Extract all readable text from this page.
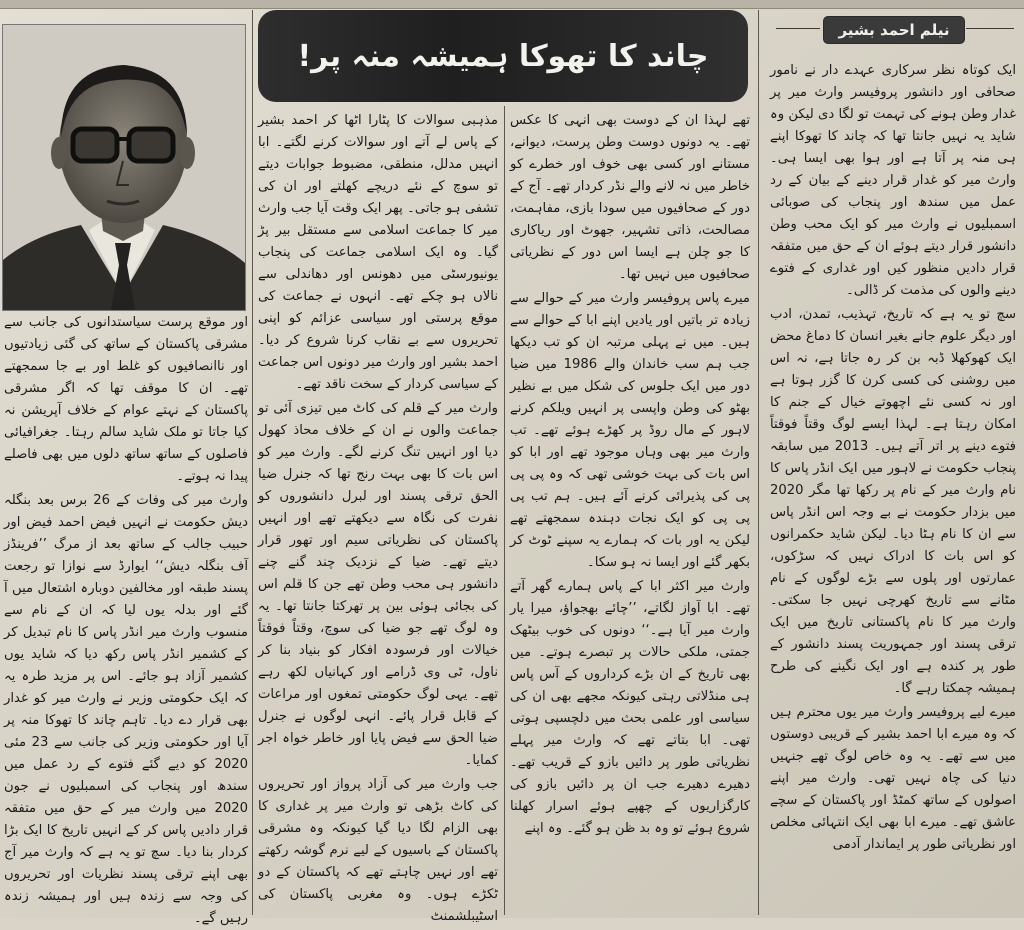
چاند کا تھوکا ہمیشہ منہ پر!
نیلم احمد بشیر

ایک کوتاہ نظر سرکاری عہدے دار نے نامور صحافی اور دانشور پروفیسر وارث میر پر غدار وطن ہونے کی تہمت تو لگا دی لیکن وہ شاید یہ نہیں جانتا تھا کہ چاند کا تھوکا اپنے ہی منہ پر آتا ہے اور ہوا بھی ایسا ہی۔ وارث میر کو غدار قرار دینے کے بیان کے رد عمل میں سندھ اور پنجاب کی صوبائی اسمبلیوں نے وارث میر کو ایک محب وطن دانشور قرار دیتے ہوئے ان کے حق میں متفقہ قرار دادیں منظور کیں اور غداری کے فتوے دینے والوں کی مذمت کر ڈالی۔

سچ تو یہ ہے کہ تاریخ، تہذیب، تمدن، ادب اور دیگر علوم جانے بغیر انسان کا دماغ محض ایک کھوکھلا ڈبہ بن کر رہ جاتا ہے، نہ اس میں روشنی کی کسی کرن کا گزر ہوتا ہے اور نہ کسی نئے اچھوتے خیال کے جنم کا امکان رہتا ہے۔ لہذا ایسے لوگ وقتاً فوقتاً فتوے دینے پر اتر آتے ہیں۔ 2013 میں سابقہ پنجاب حکومت نے لاہور میں ایک انڈر پاس کا نام وارث میر کے نام پر رکھا تھا مگر 2020 میں بزدار حکومت نے بے وجہ اس انڈر پاس سے ان کا نام ہٹا دیا۔ لیکن شاید حکمرانوں کو اس بات کا ادراک نہیں کہ سڑکوں، عمارتوں اور پلوں سے بڑے لوگوں کے نام مٹانے سے تاریخ کھرچی نہیں جا سکتی۔ وارث میر کا نام پاکستانی تاریخ میں ایک ترقی پسند اور جمہوریت پسند دانشور کے طور پر کندہ ہے اور ایک نگینے کی طرح ہمیشہ چمکتا رہے گا۔

میرے لیے پروفیسر وارث میر یوں محترم ہیں کہ وہ میرے ابا احمد بشیر کے قریبی دوستوں میں سے تھے۔ یہ وہ خاص لوگ تھے جنہیں دنیا کی چاہ نہیں تھی۔ وارث میر اپنے اصولوں کے ساتھ کمٹڈ اور پاکستان کے سچے عاشق تھے۔ میرے ابا بھی ایک انتہائی مخلص اور نظریاتی طور پر ایماندار آدمی

تھے لہذا ان کے دوست بھی انہی کا عکس تھے۔ یہ دونوں دوست وطن پرست، دیوانے، مستانے اور کسی بھی خوف اور خطرے کو خاطر میں نہ لانے والے نڈر کردار تھے۔ آج کے دور کے صحافیوں میں سودا بازی، مفاہمت، مصالحت، ذاتی تشہیر، جھوٹ اور ریاکاری کا جو چلن ہے ایسا اس دور کے نظریاتی صحافیوں میں نہیں تھا۔

میرے پاس پروفیسر وارث میر کے حوالے سے زیادہ تر باتیں اور یادیں اپنے ابا کے حوالے سے ہیں۔ میں نے پہلی مرتبہ ان کو تب دیکھا جب ہم سب خاندان والے 1986 میں ضیا دور میں ایک جلوس کی شکل میں بے نظیر بھٹو کی وطن واپسی پر انہیں ویلکم کرنے لاہور کے مال روڈ پر کھڑے ہوئے تھے۔ تب وارث میر بھی وہاں موجود تھے اور ابا کو اس بات کی بہت خوشی تھی کہ وہ پی پی پی کی پذیرائی کرنے آئے ہیں۔ ہم تب پی پی پی کو ایک نجات دہندہ سمجھتے تھے لیکن یہ اور بات کہ ہمارے یہ سپنے ٹوٹ کر بکھر گئے اور ایسا نہ ہو سکا۔

وارث میر اکثر ابا کے پاس ہمارے گھر آتے تھے۔ ابا آواز لگاتے، ’’چائے بھجواؤ، میرا یار وارث میر آیا ہے۔‘‘ دونوں کی خوب بیٹھک جمتی، ملکی حالات پر تبصرے ہوتے۔ میں بھی تاریخ کے ان بڑے کرداروں کے آس پاس ہی منڈلاتی رہتی کیونکہ مجھے بھی ان کی سیاسی اور علمی بحث میں دلچسپی ہوتی تھی۔ ابا بتاتے تھے کہ وارث میر پہلے نظریاتی طور پر دائیں بازو کے قریب تھے۔ دھیرے دھیرے جب ان پر دائیں بازو کی کارگزاریوں کے چھپے ہوئے اسرار کھلنا شروع ہوئے تو وہ بد ظن ہو گئے۔ وہ اپنے

مذہبی سوالات کا پٹارا اٹھا کر احمد بشیر کے پاس لے آتے اور سوالات کرنے لگتے۔ ابا انہیں مدلل، منطقی، مضبوط جوابات دیتے تو سوچ کے نئے دریچے کھلتے اور ان کی تشفی ہو جاتی۔ پھر ایک وقت آیا جب وارث میر کا جماعت اسلامی سے مستقل بیر پڑ گیا۔ وہ ایک اسلامی جماعت کی پنجاب یونیورسٹی میں دھونس اور دھاندلی سے نالاں ہو چکے تھے۔ انہوں نے جماعت کی موقع پرستی اور سیاسی عزائم کو اپنی تحریروں سے بے نقاب کرنا شروع کر دیا۔ احمد بشیر اور وارث میر دونوں اس جماعت کے سیاسی کردار کے سخت ناقد تھے۔

وارث میر کے قلم کی کاٹ میں تیزی آئی تو جماعت والوں نے ان کے خلاف محاذ کھول دیا اور انہیں تنگ کرنے لگے۔ وارث میر کو اس بات کا بھی بہت رنج تھا کہ جنرل ضیا الحق ترقی پسند اور لبرل دانشوروں کو نفرت کی نگاہ سے دیکھتے تھے اور انہیں پاکستان کی نظریاتی سیم اور تھور قرار دیتے تھے۔ ضیا کے نزدیک چند گنے چنے دانشور ہی محب وطن تھے جن کا قلم اس کی بجائی ہوئی بین پر تھرکتا جانتا تھا۔ یہ وہ لوگ تھے جو ضیا کی سوچ، وقتاً فوقتاً خیالات اور فرسودہ افکار کو بنیاد بنا کر ناول، ٹی وی ڈرامے اور کہانیاں لکھ رہے تھے۔ یہی لوگ حکومتی تمغوں اور مراعات کے قابل قرار پائے۔ انہی لوگوں نے جنرل ضیا الحق سے فیض پایا اور خاطر خواہ اجر کمایا۔

جب وارث میر کی آزاد پرواز اور تحریروں کی کاٹ بڑھی تو وارث میر پر غداری کا بھی الزام لگا دیا گیا کیونکہ وہ مشرقی پاکستان کے باسیوں کے لیے نرم گوشہ رکھتے تھے اور نہیں چاہتے تھے کہ پاکستان کے دو ٹکڑے ہوں۔ وہ مغربی پاکستان کی اسٹیبلشمنٹ

اور موقع پرست سیاستدانوں کی جانب سے مشرقی پاکستان کے ساتھ کی گئی زیادتیوں اور ناانصافیوں کو غلط اور بے جا سمجھتے تھے۔ ان کا موقف تھا کہ اگر مشرقی پاکستان کے نہتے عوام کے خلاف آپریشن نہ کیا جاتا تو ملک شاید سالم رہتا۔ جغرافیائی فاصلوں کے ساتھ ساتھ دلوں میں بھی فاصلے پیدا نہ ہوتے۔

وارث میر کی وفات کے 26 برس بعد بنگلہ دیش حکومت نے انہیں فیض احمد فیض اور حبیب جالب کے ساتھ بعد از مرگ ’’فرینڈز آف بنگلہ دیش‘‘ ایوارڈ سے نوازا تو رجعت پسند طبقہ اور مخالفین دوبارہ اشتعال میں آ گئے اور بدلہ یوں لیا کہ ان کے نام سے منسوب وارث میر انڈر پاس کا نام تبدیل کر کے کشمیر انڈر پاس رکھ دیا کہ شاید یوں کشمیر آزاد ہو جائے۔ اس پر مزید طرہ یہ کہ ایک حکومتی وزیر نے وارث میر کو غدار بھی قرار دے دیا۔ تاہم چاند کا تھوکا منہ پر آیا اور حکومتی وزیر کی جانب سے 23 مئی 2020 کو دیے گئے فتوے کے رد عمل میں سندھ اور پنجاب کی اسمبلیوں نے جون 2020 میں وارث میر کے حق میں متفقہ قرار دادیں پاس کر کے انہیں تاریخ کا ایک بڑا کردار بنا دیا۔ سچ تو یہ ہے کہ وارث میر آج بھی اپنے ترقی پسند نظریات اور تحریروں کی وجہ سے زندہ ہیں اور ہمیشہ زندہ رہیں گے۔
